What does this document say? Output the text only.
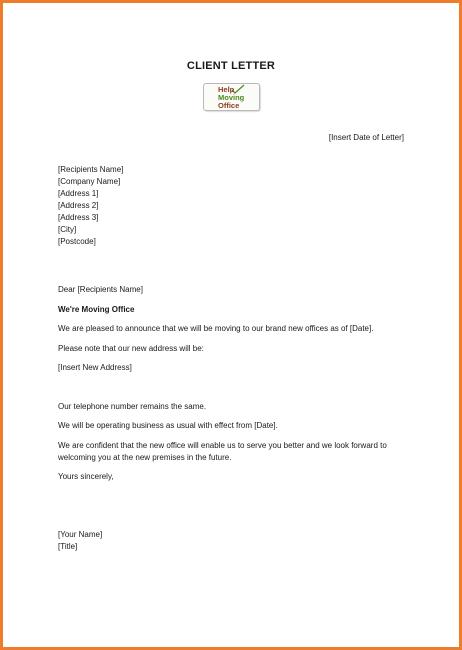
CLIENT LETTER
Help
Moving
Office
[Insert Date of Letter]
[Recipients Name]
[Company Name]
[Address 1]
[Address 2]
[Address 3]
[City]
[Postcode]
Dear [Recipients Name]
We're Moving Office
We are pleased to announce that we will be moving to our brand new offices as of [Date].
Please note that our new address will be:
[Insert New Address]
Our telephone number remains the same.
We will be operating business as usual with effect from [Date].
We are confident that the new office will enable us to serve you better and we look forward to
welcoming you at the new premises in the future.
Yours sincerely,
[Your Name]
[Title]
